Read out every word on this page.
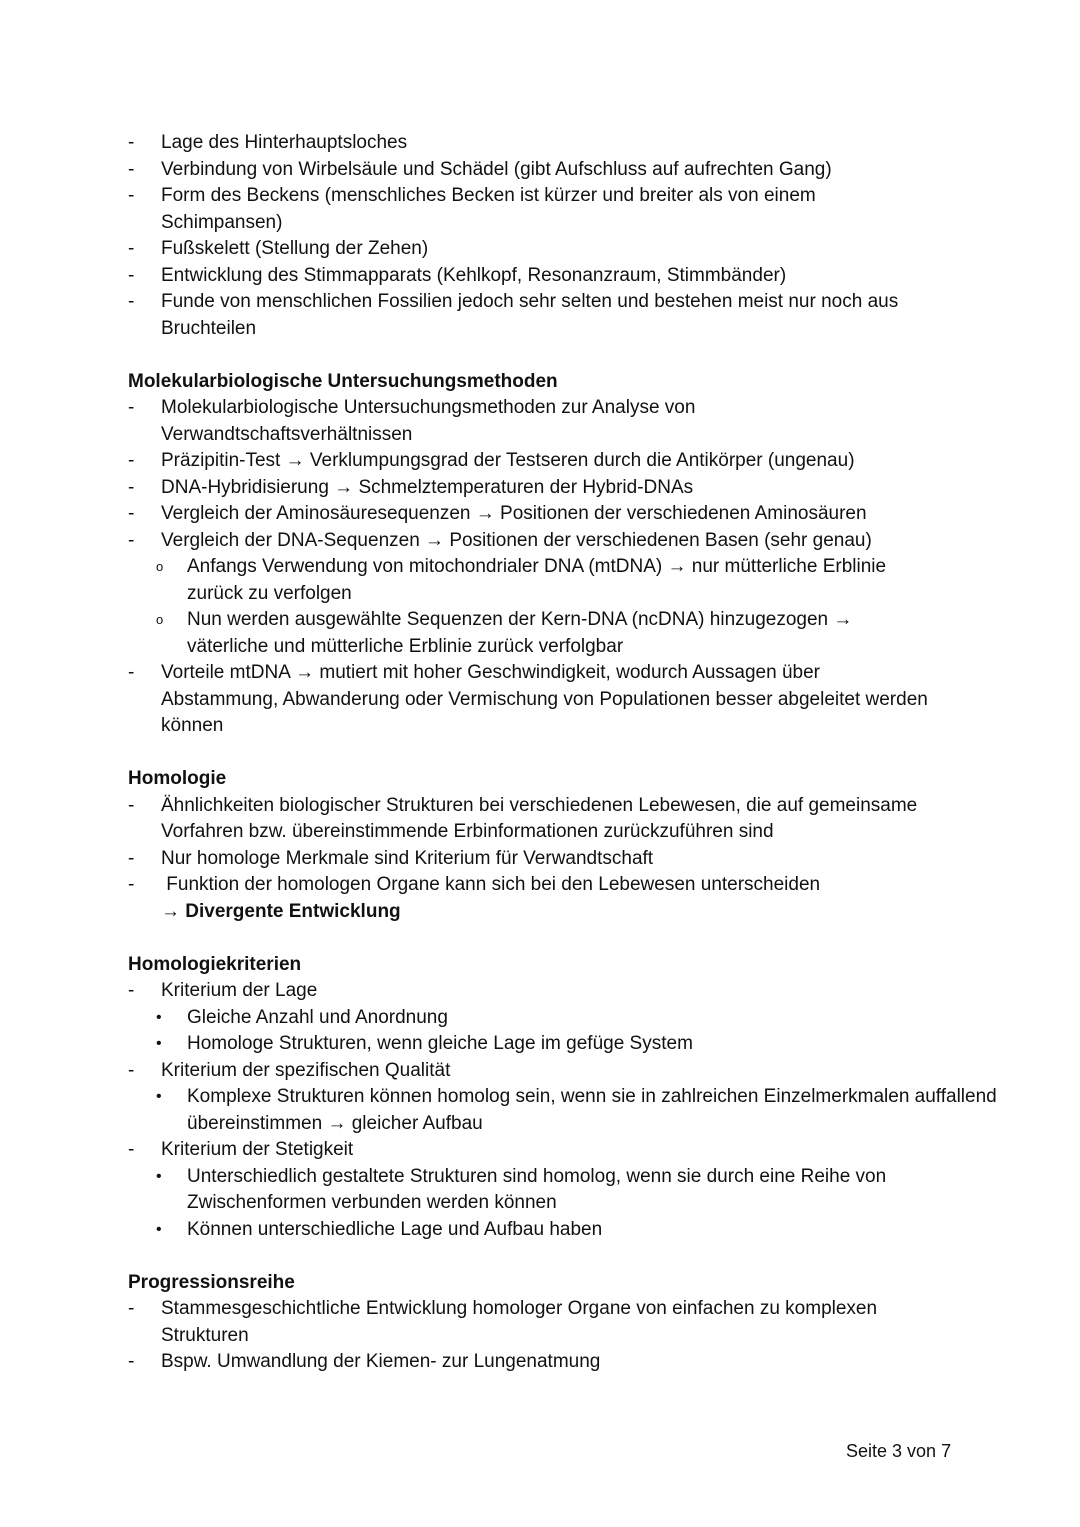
- Lage des Hinterhauptsloches
- Verbindung von Wirbelsäule und Schädel (gibt Aufschluss auf aufrechten Gang)
- Form des Beckens (menschliches Becken ist kürzer und breiter als von einem Schimpansen)
- Fußskelett (Stellung der Zehen)
- Entwicklung des Stimmapparats (Kehlkopf, Resonanzraum, Stimmbänder)
- Funde von menschlichen Fossilien jedoch sehr selten und bestehen meist nur noch aus Bruchteilen
Molekularbiologische Untersuchungsmethoden
- Molekularbiologische Untersuchungsmethoden zur Analyse von Verwandtschaftsverhältnissen
- Präzipitin-Test → Verklumpungsgrad der Testseren durch die Antikörper (ungenau)
- DNA-Hybridisierung → Schmelztemperaturen der Hybrid-DNAs
- Vergleich der Aminosäuresequenzen → Positionen der verschiedenen Aminosäuren
- Vergleich der DNA-Sequenzen → Positionen der verschiedenen Basen (sehr genau)
o Anfangs Verwendung von mitochondrialer DNA (mtDNA) → nur mütterliche Erblinie zurück zu verfolgen
o Nun werden ausgewählte Sequenzen der Kern-DNA (ncDNA) hinzugezogen → väterliche und mütterliche Erblinie zurück verfolgbar
- Vorteile mtDNA → mutiert mit hoher Geschwindigkeit, wodurch Aussagen über Abstammung, Abwanderung oder Vermischung von Populationen besser abgeleitet werden können
Homologie
- Ähnlichkeiten biologischer Strukturen bei verschiedenen Lebewesen, die auf gemeinsame Vorfahren bzw. übereinstimmende Erbinformationen zurückzuführen sind
- Nur homologe Merkmale sind Kriterium für Verwandtschaft
- Funktion der homologen Organe kann sich bei den Lebewesen unterscheiden
→ Divergente Entwicklung
Homologiekriterien
- Kriterium der Lage
• Gleiche Anzahl und Anordnung
• Homologe Strukturen, wenn gleiche Lage im gefüge System
- Kriterium der spezifischen Qualität
• Komplexe Strukturen können homolog sein, wenn sie in zahlreichen Einzelmerkmalen auffallend übereinstimmen → gleicher Aufbau
- Kriterium der Stetigkeit
• Unterschiedlich gestaltete Strukturen sind homolog, wenn sie durch eine Reihe von Zwischenformen verbunden werden können
• Können unterschiedliche Lage und Aufbau haben
Progressionsreihe
- Stammesgeschichtliche Entwicklung homologer Organe von einfachen zu komplexen Strukturen
- Bspw. Umwandlung der Kiemen- zur Lungenatmung
Seite 3 von 7
